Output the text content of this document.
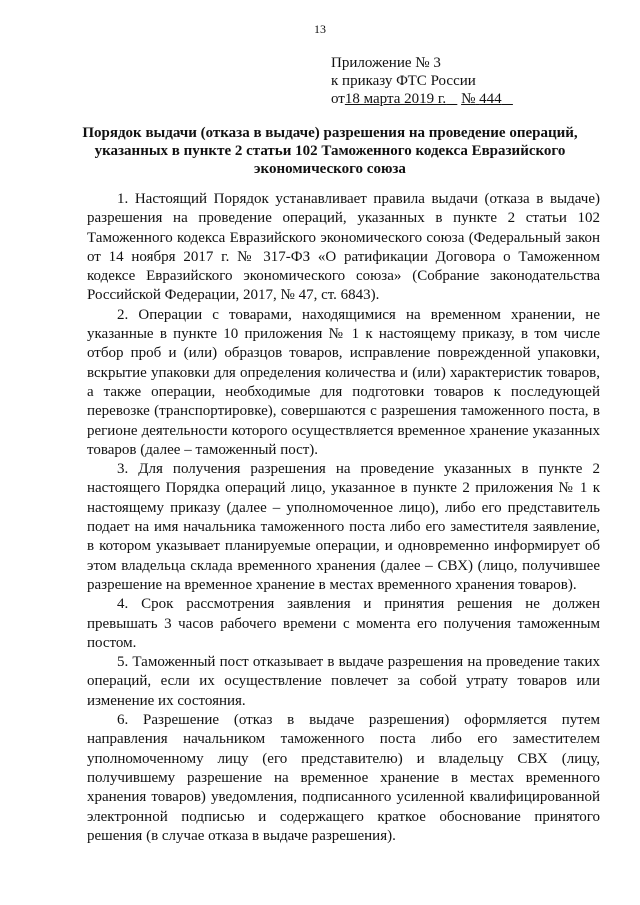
13
Приложение № 3
к приказу ФТС России
от18 марта 2019 г. № 444
Порядок выдачи (отказа в выдаче) разрешения на проведение операций, указанных в пункте 2 статьи 102 Таможенного кодекса Евразийского экономического союза

1. Настоящий Порядок устанавливает правила выдачи (отказа в выдаче) разрешения на проведение операций, указанных в пункте 2 статьи 102 Таможенного кодекса Евразийского экономического союза (Федеральный закон от 14 ноября 2017 г. № 317-ФЗ «О ратификации Договора о Таможенном кодексе Евразийского экономического союза» (Собрание законодательства Российской Федерации, 2017, № 47, ст. 6843).

2. Операции с товарами, находящимися на временном хранении, не указанные в пункте 10 приложения № 1 к настоящему приказу, в том числе отбор проб и (или) образцов товаров, исправление поврежденной упаковки, вскрытие упаковки для определения количества и (или) характеристик товаров, а также операции, необходимые для подготовки товаров к последующей перевозке (транспортировке), совершаются с разрешения таможенного поста, в регионе деятельности которого осуществляется временное хранение указанных товаров (далее – таможенный пост).

3. Для получения разрешения на проведение указанных в пункте 2 настоящего Порядка операций лицо, указанное в пункте 2 приложения № 1 к настоящему приказу (далее – уполномоченное лицо), либо его представитель подает на имя начальника таможенного поста либо его заместителя заявление, в котором указывает планируемые операции, и одновременно информирует об этом владельца склада временного хранения (далее – СВХ) (лицо, получившее разрешение на временное хранение в местах временного хранения товаров).

4. Срок рассмотрения заявления и принятия решения не должен превышать 3 часов рабочего времени с момента его получения таможенным постом.

5. Таможенный пост отказывает в выдаче разрешения на проведение таких операций, если их осуществление повлечет за собой утрату товаров или изменение их состояния.

6. Разрешение (отказ в выдаче разрешения) оформляется путем направления начальником таможенного поста либо его заместителем уполномоченному лицу (его представителю) и владельцу СВХ (лицу, получившему разрешение на временное хранение в местах временного хранения товаров) уведомления, подписанного усиленной квалифицированной электронной подписью и содержащего краткое обоснование принятого решения (в случае отказа в выдаче разрешения).
